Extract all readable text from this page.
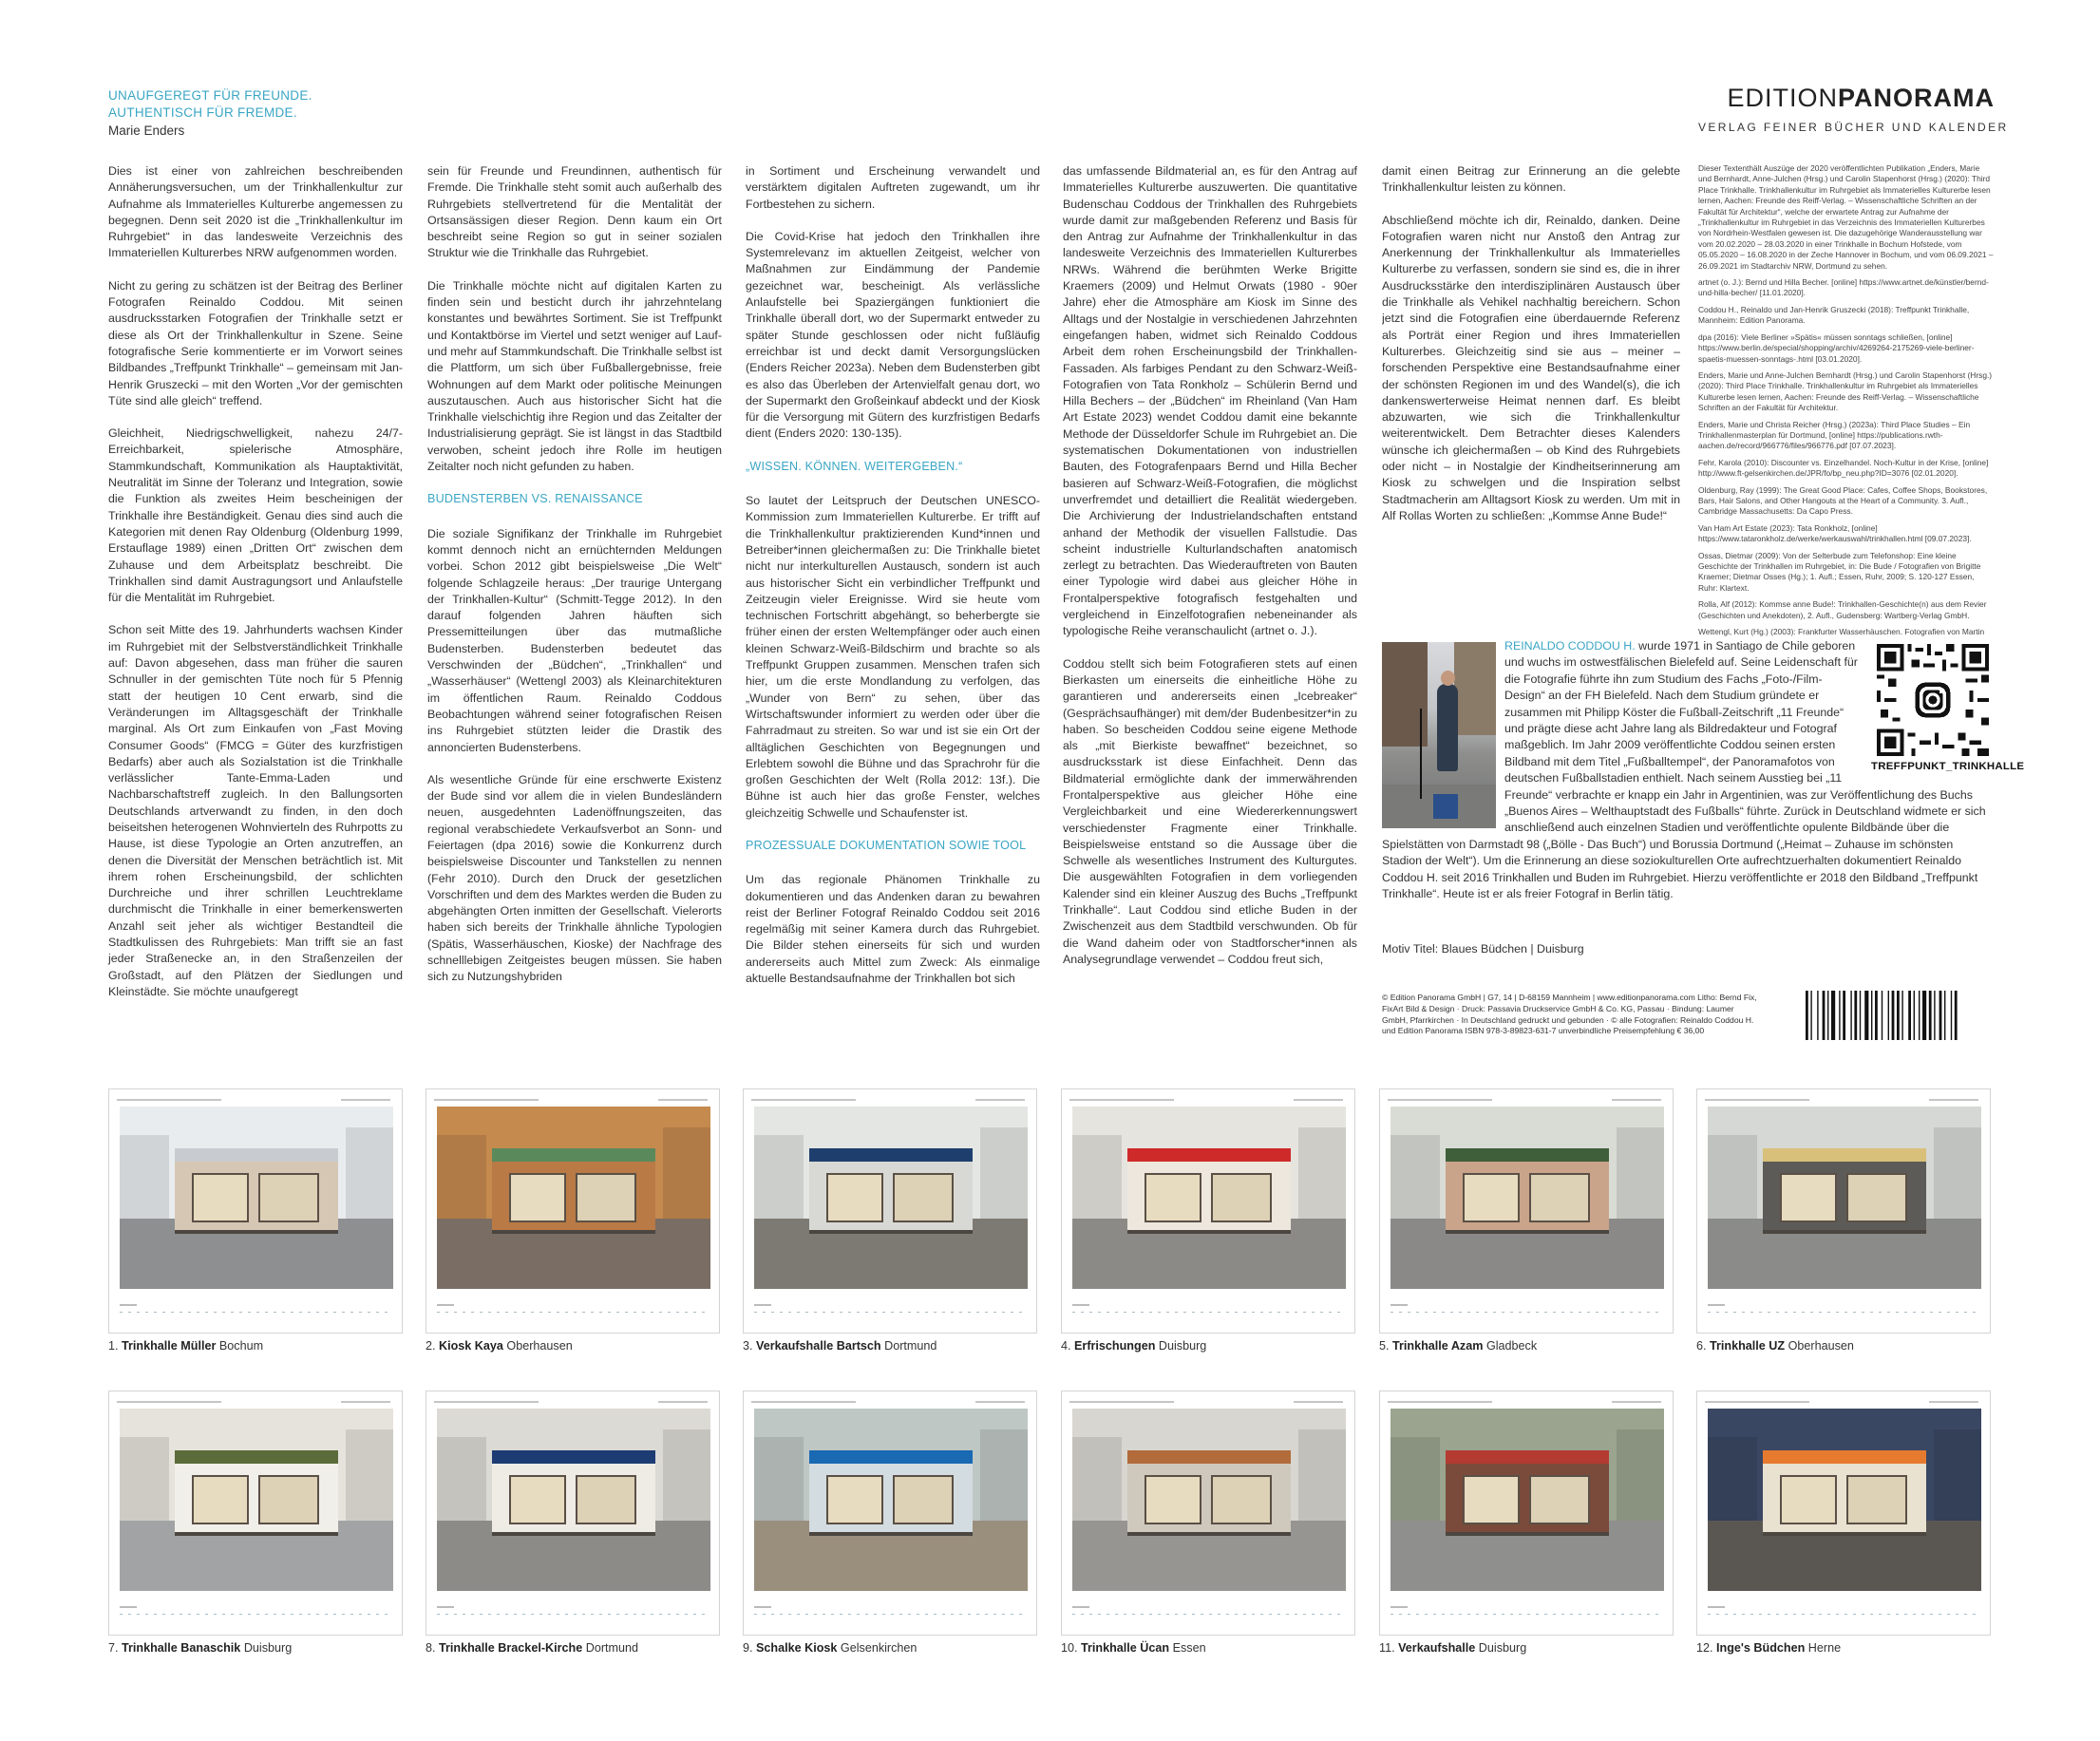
EDITIONPANORAMA
VERLAG FEINER BÜCHER UND KALENDER
UNAUFGEREGT FÜR FREUNDE.
AUTHENTISCH FÜR FREMDE.
Marie Enders

Dies ist einer von zahlreichen beschreibenden Annäherungsversuchen, um der Trinkhallenkultur zur Aufnahme als Immaterielles Kulturerbe angemessen zu begegnen. Denn seit 2020 ist die „Trinkhallenkultur im Ruhrgebiet“ in das landesweite Verzeichnis des Immateriellen Kulturerbes NRW aufgenommen worden.

Nicht zu gering zu schätzen ist der Beitrag des Berliner Fotografen Reinaldo Coddou. Mit seinen ausdrucksstarken Fotografien der Trinkhalle setzt er diese als Ort der Trinkhallenkultur in Szene. Seine fotografische Serie kommentierte er im Vorwort seines Bildbandes „Treffpunkt Trinkhalle“ – gemeinsam mit Jan-Henrik Gruszecki – mit den Worten „Vor der gemischten Tüte sind alle gleich“ treffend.

Gleichheit, Niedrigschwelligkeit, nahezu 24/7-Erreichbarkeit, spielerische Atmosphäre, Stammkundschaft, Kommunikation als Hauptaktivität, Neutralität im Sinne der Toleranz und Integration, sowie die Funktion als zweites Heim bescheinigen der Trinkhalle ihre Beständigkeit. Genau dies sind auch die Kategorien mit denen Ray Oldenburg (Oldenburg 1999, Erstauflage 1989) einen „Dritten Ort“ zwischen dem Zuhause und dem Arbeitsplatz beschreibt. Die Trinkhallen sind damit Austragungsort und Anlaufstelle für die Mentalität im Ruhrgebiet.

Schon seit Mitte des 19. Jahrhunderts wachsen Kinder im Ruhrgebiet mit der Selbstverständlichkeit Trinkhalle auf: Davon abgesehen, dass man früher die sauren Schnuller in der gemischten Tüte noch für 5 Pfennig statt der heutigen 10 Cent erwarb, sind die Veränderungen im Alltagsgeschäft der Trinkhalle marginal. Als Ort zum Einkaufen von „Fast Moving Consumer Goods“ (FMCG = Güter des kurzfristigen Bedarfs) aber auch als Sozialstation ist die Trinkhalle verlässlicher Tante-Emma-Laden und Nachbarschaftstreff zugleich. In den Ballungsorten Deutschlands artverwandt zu finden, in den doch beiseitshen heterogenen Wohnvierteln des Ruhrpotts zu Hause, ist diese Typologie an Orten anzutreffen, an denen die Diversität der Menschen beträchtlich ist. Mit ihrem rohen Erscheinungsbild, der schlichten Durchreiche und ihrer schrillen Leuchtreklame durchmischt die Trinkhalle in einer bemerkenswerten Anzahl seit jeher als wichtiger Bestandteil die Stadtkulissen des Ruhrgebiets: Man trifft sie an fast jeder Straßenecke an, in den Straßenzeilen der Großstadt, auf den Plätzen der Siedlungen und Kleinstädte. Sie möchte unaufgeregt

sein für Freunde und Freundinnen, authentisch für Fremde. Die Trinkhalle steht somit auch außerhalb des Ruhrgebiets stellvertretend für die Mentalität der Ortsansässigen dieser Region. Denn kaum ein Ort beschreibt seine Region so gut in seiner sozialen Struktur wie die Trinkhalle das Ruhrgebiet.

Die Trinkhalle möchte nicht auf digitalen Karten zu finden sein und besticht durch ihr jahrzehntelang konstantes und bewährtes Sortiment. Sie ist Treffpunkt und Kontaktbörse im Viertel und setzt weniger auf Lauf- und mehr auf Stammkundschaft. Die Trinkhalle selbst ist die Plattform, um sich über Fußballergebnisse, freie Wohnungen auf dem Markt oder politische Meinungen auszutauschen. Auch aus historischer Sicht hat die Trinkhalle vielschichtig ihre Region und das Zeitalter der Industrialisierung geprägt. Sie ist längst in das Stadtbild verwoben, scheint jedoch ihre Rolle im heutigen Zeitalter noch nicht gefunden zu haben.

BUDENSTERBEN VS. RENAISSANCE

Die soziale Signifikanz der Trinkhalle im Ruhrgebiet kommt dennoch nicht an ernüchternden Meldungen vorbei. Schon 2012 gibt beispielsweise „Die Welt“ folgende Schlagzeile heraus: „Der traurige Untergang der Trinkhallen-Kultur“ (Schmitt-Tegge 2012). In den darauf folgenden Jahren häuften sich Pressemitteilungen über das mutmaßliche Budensterben. Budensterben bedeutet das Verschwinden der „Büdchen“, „Trinkhallen“ und „Wasserhäuser“ (Wettengl 2003) als Kleinarchitekturen im öffentlichen Raum. Reinaldo Coddous Beobachtungen während seiner fotografischen Reisen ins Ruhrgebiet stützten leider die Drastik des annoncierten Budensterbens.

Als wesentliche Gründe für eine erschwerte Existenz der Bude sind vor allem die in vielen Bundesländern neuen, ausgedehnten Ladenöffnungszeiten, das regional verabschiedete Verkaufsverbot an Sonn- und Feiertagen (dpa 2016) sowie die Konkurrenz durch beispielsweise Discounter und Tankstellen zu nennen (Fehr 2010). Durch den Druck der gesetzlichen Vorschriften und dem des Marktes werden die Buden zu abgehängten Orten inmitten der Gesellschaft. Vielerorts haben sich bereits der Trinkhalle ähnliche Typologien (Spätis, Wasserhäuschen, Kioske) der Nachfrage des schnelllebigen Zeitgeistes beugen müssen. Sie haben sich zu Nutzungshybriden

in Sortiment und Erscheinung verwandelt und verstärktem digitalen Auftreten zugewandt, um ihr Fortbestehen zu sichern.

Die Covid-Krise hat jedoch den Trinkhallen ihre Systemrelevanz im aktuellen Zeitgeist, welcher von Maßnahmen zur Eindämmung der Pandemie gezeichnet war, bescheinigt. Als verlässliche Anlaufstelle bei Spaziergängen funktioniert die Trinkhalle überall dort, wo der Supermarkt entweder zu später Stunde geschlossen oder nicht fußläufig erreichbar ist und deckt damit Versorgungslücken (Enders Reicher 2023a). Neben dem Budensterben gibt es also das Überleben der Artenvielfalt genau dort, wo der Supermarkt den Großeinkauf abdeckt und der Kiosk für die Versorgung mit Gütern des kurzfristigen Bedarfs dient (Enders 2020: 130-135).

„WISSEN. KÖNNEN. WEITERGEBEN.“

So lautet der Leitspruch der Deutschen UNESCO-Kommission zum Immateriellen Kulturerbe. Er trifft auf die Trinkhallenkultur praktizierenden Kund*innen und Betreiber*innen gleichermaßen zu: Die Trinkhalle bietet nicht nur interkulturellen Austausch, sondern ist auch aus historischer Sicht ein verbindlicher Treffpunkt und Zeitzeugin vieler Ereignisse. Wird sie heute vom technischen Fortschritt abgehängt, so beherbergte sie früher einen der ersten Weltempfänger oder auch einen kleinen Schwarz-Weiß-Bildschirm und brachte so als Treffpunkt Gruppen zusammen. Menschen trafen sich hier, um die erste Mondlandung zu verfolgen, das „Wunder von Bern“ zu sehen, über das Wirtschaftswunder informiert zu werden oder über die Fahrradmaut zu streiten. So war und ist sie ein Ort der alltäglichen Geschichten von Begegnungen und Erlebtem sowohl die Bühne und das Sprachrohr für die großen Geschichten der Welt (Rolla 2012: 13f.). Die Bühne ist auch hier das große Fenster, welches gleichzeitig Schwelle und Schaufenster ist.

PROZESSUALE DOKUMENTATION SOWIE TOOL

Um das regionale Phänomen Trinkhalle zu dokumentieren und das Andenken daran zu bewahren reist der Berliner Fotograf Reinaldo Coddou seit 2016 regelmäßig mit seiner Kamera durch das Ruhrgebiet. Die Bilder stehen einerseits für sich und wurden andererseits auch Mittel zum Zweck: Als einmalige aktuelle Bestandsaufnahme der Trinkhallen bot sich

das umfassende Bildmaterial an, es für den Antrag auf Immaterielles Kulturerbe auszuwerten. Die quantitative Budenschau Coddous der Trinkhallen des Ruhrgebiets wurde damit zur maßgebenden Referenz und Basis für den Antrag zur Aufnahme der Trinkhallenkultur in das landesweite Verzeichnis des Immateriellen Kulturerbes NRWs. Während die berühmten Werke Brigitte Kraemers (2009) und Helmut Orwats (1980 - 90er Jahre) eher die Atmosphäre am Kiosk im Sinne des Alltags und der Nostalgie in verschiedenen Jahrzehnten eingefangen haben, widmet sich Reinaldo Coddous Arbeit dem rohen Erscheinungsbild der Trinkhallen-Fassaden. Als farbiges Pendant zu den Schwarz-Weiß-Fotografien von Tata Ronkholz – Schülerin Bernd und Hilla Bechers – der „Büdchen“ im Rheinland (Van Ham Art Estate 2023) wendet Coddou damit eine bekannte Methode der Düsseldorfer Schule im Ruhrgebiet an. Die systematischen Dokumentationen von industriellen Bauten, des Fotografenpaars Bernd und Hilla Becher basieren auf Schwarz-Weiß-Fotografien, die möglichst unverfremdet und detailliert die Realität wiedergeben. Die Archivierung der Industrielandschaften entstand anhand der Methodik der visuellen Fallstudie. Das scheint industrielle Kulturlandschaften anatomisch zerlegt zu betrachten. Das Wiederauftreten von Bauten einer Typologie wird dabei aus gleicher Höhe in Frontalperspektive fotografisch festgehalten und vergleichend in Einzelfotografien nebeneinander als typologische Reihe veranschaulicht (artnet o. J.).

Coddou stellt sich beim Fotografieren stets auf einen Bierkasten um einerseits die einheitliche Höhe zu garantieren und andererseits einen „Icebreaker“ (Gesprächsaufhänger) mit dem/der Budenbesitzer*in zu haben. So bescheiden Coddou seine eigene Methode als „mit Bierkiste bewaffnet“ bezeichnet, so ausdrucksstark ist diese Einfachheit. Denn das Bildmaterial ermöglichte dank der immerwährenden Frontalperspektive aus gleicher Höhe eine Vergleichbarkeit und eine Wiedererkennungswert verschiedenster Fragmente einer Trinkhalle. Beispielsweise entstand so die Aussage über die Schwelle als wesentliches Instrument des Kulturgutes. Die ausgewählten Fotografien in dem vorliegenden Kalender sind ein kleiner Auszug des Buchs „Treffpunkt Trinkhalle“. Laut Coddou sind etliche Buden in der Zwischenzeit aus dem Stadtbild verschwunden. Ob für die Wand daheim oder von Stadtforscher*innen als Analysegrundlage verwendet – Coddou freut sich,

damit einen Beitrag zur Erinnerung an die gelebte Trinkhallenkultur leisten zu können.

Abschließend möchte ich dir, Reinaldo, danken. Deine Fotografien waren nicht nur Anstoß den Antrag zur Anerkennung der Trinkhallenkultur als Immaterielles Kulturerbe zu verfassen, sondern sie sind es, die in ihrer Ausdrucksstärke den interdisziplinären Austausch über die Trinkhalle als Vehikel nachhaltig bereichern. Schon jetzt sind die Fotografien eine überdauernde Referenz als Porträt einer Region und ihres Immateriellen Kulturerbes. Gleichzeitig sind sie aus – meiner – forschenden Perspektive eine Bestandsaufnahme einer der schönsten Regionen im und des Wandel(s), die ich dankenswerterweise Heimat nennen darf. Es bleibt abzuwarten, wie sich die Trinkhallenkultur weiterentwickelt. Dem Betrachter dieses Kalenders wünsche ich gleichermaßen – ob Kind des Ruhrgebiets oder nicht – in Nostalgie der Kindheitserinnerung am Kiosk zu schwelgen und die Inspiration selbst Stadtmacherin am Alltagsort Kiosk zu werden. Um mit in Alf Rollas Worten zu schließen: „Kommse Anne Bude!“

Dieser Textenthält Auszüge der 2020 veröffentlichten Publikation „Enders, Marie und Bernhardt, Anne-Julchen (Hrsg.) und Carolin Stapenhorst (Hrsg.) (2020): Third Place Trinkhalle. Trinkhallenkultur im Ruhrgebiet als Immaterielles Kulturerbe lesen lernen, Aachen: Freunde des Reiff-Verlag. – Wissenschaftliche Schriften an der Fakultät für Architektur“, welche der erwartete Antrag zur Aufnahme der „Trinkhallenkultur im Ruhrgebiet in das Verzeichnis des Immateriellen Kulturerbes von Nordrhein-Westfalen gewesen ist. Die dazugehörige Wanderausstellung war vom 20.02.2020 – 28.03.2020 in einer Trinkhalle in Bochum Hofstede, vom 05.05.2020 – 16.08.2020 in der Zeche Hannover in Bochum, und vom 06.09.2021 – 26.09.2021 im Stadtarchiv NRW, Dortmund zu sehen.

artnet (o. J.): Bernd und Hilla Becher. [online] https://www.artnet.de/künstler/bernd-und-hilla-becher/ [11.01.2020].

Coddou H., Reinaldo und Jan-Henrik Gruszecki (2018): Treffpunkt Trinkhalle, Mannheim: Edition Panorama.

dpa (2016): Viele Berliner »Spätis« müssen sonntags schließen, [online] https://www.berlin.de/special/shopping/archiv/4269264-2175269-viele-berliner-spaetis-muessen-sonntags-.html [03.01.2020].

Enders, Marie und Anne-Julchen Bernhardt (Hrsg.) und Carolin Stapenhorst (Hrsg.) (2020): Third Place Trinkhalle. Trinkhallenkultur im Ruhrgebiet als Immaterielles Kulturerbe lesen lernen, Aachen: Freunde des Reiff-Verlag. – Wissenschaftliche Schriften an der Fakultät für Architektur.

Enders, Marie und Christa Reicher (Hrsg.) (2023a): Third Place Studies – Ein Trinkhallenmasterplan für Dortmund, [online] https://publications.rwth-aachen.de/record/966776/files/966776.pdf [07.07.2023].

Fehr, Karola (2010): Discounter vs. Einzelhandel. Noch-Kultur in der Krise, [online] http://www.ft-gelsenkirchen.de/JPR/fo/bp_neu.php?ID=3076 [02.01.2020].

Oldenburg, Ray (1999): The Great Good Place: Cafes, Coffee Shops, Bookstores, Bars, Hair Salons, and Other Hangouts at the Heart of a Community. 3. Aufl., Cambridge Massachusetts: Da Capo Press.

Van Ham Art Estate (2023): Tata Ronkholz, [online] https://www.tataronkholz.de/werke/werkauswahl/trinkhallen.html [09.07.2023].

Ossas, Dietmar (2009): Von der Selterbude zum Telefonshop: Eine kleine Geschichte der Trinkhallen im Ruhrgebiet, in: Die Bude / Fotografien von Brigitte Kraemer; Dietmar Osses (Hg.); 1. Aufl.; Essen, Ruhr, 2009; S. 120-127 Essen, Ruhr: Klartext.

Rolla, Alf (2012): Kommse anne Bude!: Trinkhallen-Geschichte(n) aus dem Revier (Geschichten und Anekdoten), 2. Aufl., Gudensberg: Wartberg-Verlag GmbH.

Wettengl, Kurt (Hg.) (2003): Frankfurter Wasserhäuschen. Fotografien von Martin

REINALDO CODDOU H. wurde 1971 in Santiago de Chile geboren und wuchs im ostwestfälischen Bielefeld auf. Seine Leidenschaft für die Fotografie führte ihn zum Studium des Fachs „Foto-/Film-Design“ an der FH Bielefeld. Nach dem Studium gründete er zusammen mit Philipp Köster die Fußball-Zeitschrift „11 Freunde“ und prägte diese acht Jahre lang als Bildredakteur und Fotograf maßgeblich. Im Jahr 2009 veröffentlichte Coddou seinen ersten Bildband mit dem Titel „Fußballtempel“, der Panoramafotos von deutschen Fußballstadien enthielt. Nach seinem Ausstieg bei „11 Freunde“ verbrachte er knapp ein Jahr in Argentinien, was zur Veröffentlichung des Buchs „Buenos Aires – Welthauptstadt des Fußballs“ führte. Zurück in Deutschland widmete er sich anschließend auch einzelnen Stadien und veröffentlichte opulente Bildbände über die Spielstätten von Darmstadt 98 („Bölle - Das Buch“) und Borussia Dortmund („Heimat – Zuhause im schönsten Stadion der Welt“). Um die Erinnerung an diese soziokulturellen Orte aufrechtzuerhalten dokumentiert Reinaldo Coddou H. seit 2016 Trinkhallen und Buden im Ruhrgebiet. Hierzu veröffentlichte er 2018 den Bildband „Treffpunkt Trinkhalle“. Heute ist er als freier Fotograf in Berlin tätig.
Motiv Titel: Blaues Büdchen | Duisburg
TREFFPUNKT_TRINKHALLE
© Edition Panorama GmbH | G7, 14 | D-68159 Mannheim | www.editionpanorama.com Litho: Bernd Fix, FixArt Bild & Design · Druck: Passavia Druckservice GmbH & Co. KG, Passau · Bindung: Laumer GmbH, Pfarrkirchen · In Deutschland gedruckt und gebunden · © alle Fotografien: Reinaldo Coddou H. und Edition Panorama ISBN 978-3-89823-631-7 unverbindliche Preisempfehlung € 36,00
1. Trinkhalle Müller Bochum	2. Kiosk Kaya Oberhausen	3. Verkaufshalle Bartsch Dortmund	4. Erfrischungen Duisburg	5. Trinkhalle Azam Gladbeck	6. Trinkhalle UZ Oberhausen
7. Trinkhalle Banaschik Duisburg	8. Trinkhalle Brackel-Kirche Dortmund	9. Schalke Kiosk Gelsenkirchen	10. Trinkhalle Ücan Essen	11. Verkaufshalle Duisburg	12. Inge's Büdchen Herne
